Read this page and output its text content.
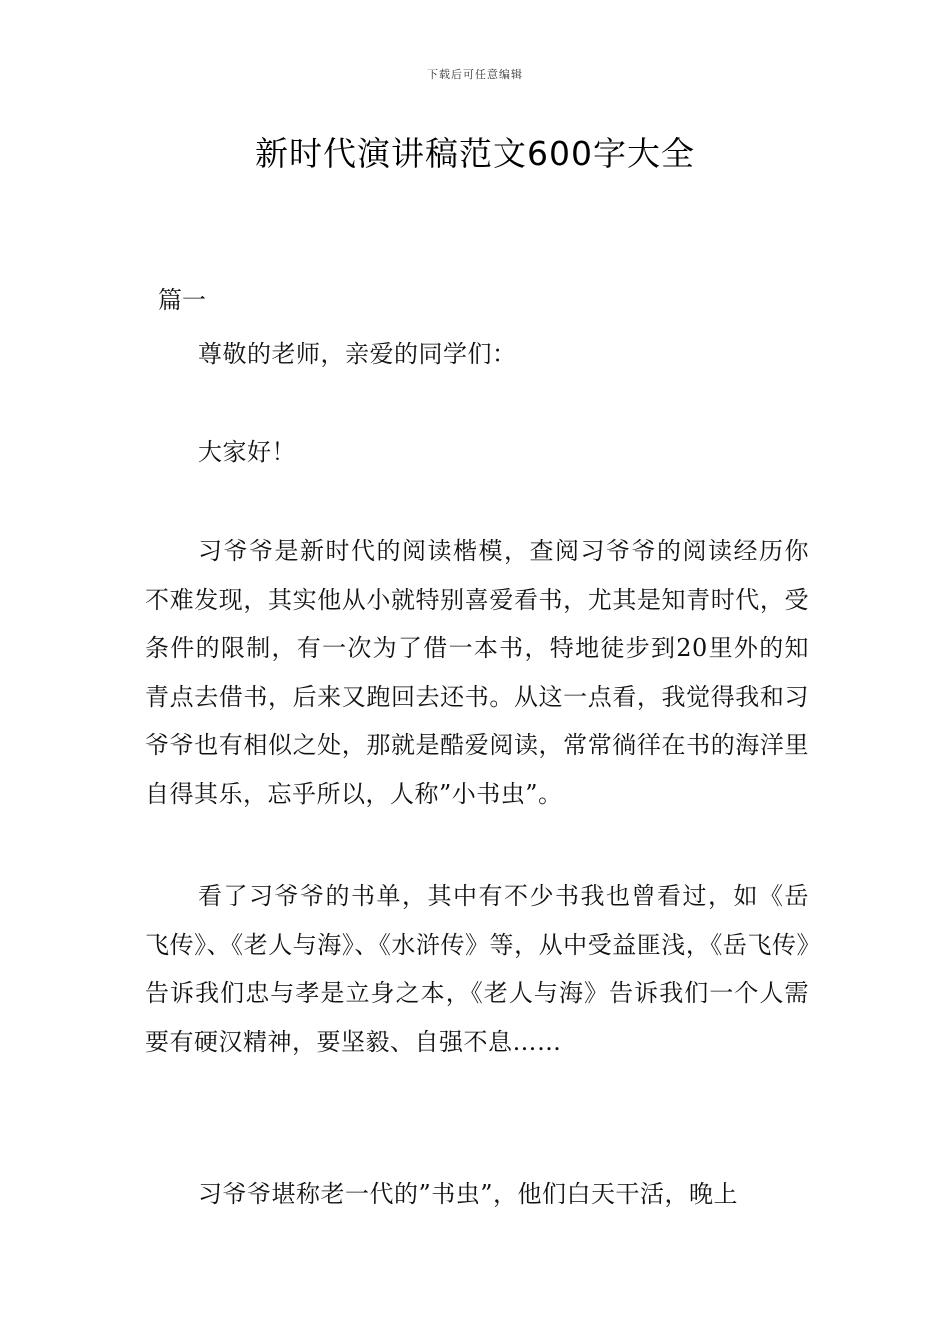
下载后可任意编辑
新时代演讲稿范文600字大全
篇一

尊敬的老师，亲爱的同学们：

大家好！

习爷爷是新时代的阅读楷模，查阅习爷爷的阅读经历你不难发现，其实他从小就特别喜爱看书，尤其是知青时代，受条件的限制，有一次为了借一本书，特地徒步到20里外的知青点去借书，后来又跑回去还书。从这一点看，我觉得我和习爷爷也有相似之处，那就是酷爱阅读，常常徜徉在书的海洋里自得其乐，忘乎所以，人称”小书虫”。

看了习爷爷的书单，其中有不少书我也曾看过，如《岳飞传》、《老人与海》、《水浒传》等，从中受益匪浅，《岳飞传》告诉我们忠与孝是立身之本，《老人与海》告诉我们一个人需要有硬汉精神，要坚毅、自强不息……

习爷爷堪称老一代的”书虫”，他们白天干活，晚上
